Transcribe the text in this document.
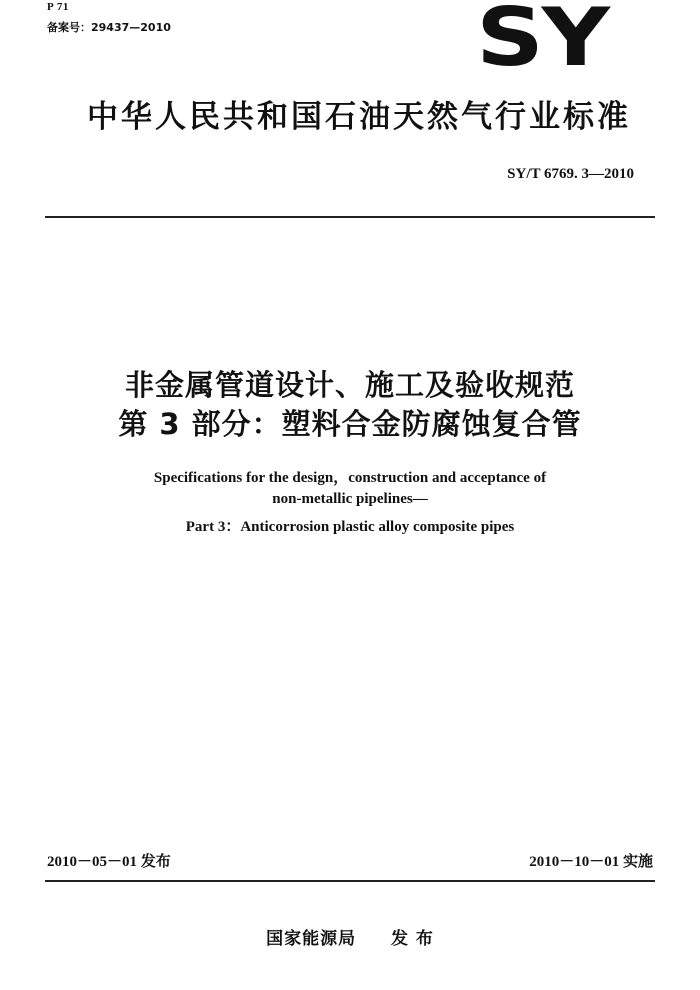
P 71
备案号：29437—2010	SY
中华人民共和国石油天然气行业标准
SY/T 6769. 3—2010
非金属管道设计、施工及验收规范
第 3 部分：塑料合金防腐蚀复合管
Specifications for the design，construction and acceptance of
non-metallic pipelines—
Part 3：Anticorrosion plastic alloy composite pipes
2010－05－01 发布	2010－10－01 实施
国家能源局 发 布
